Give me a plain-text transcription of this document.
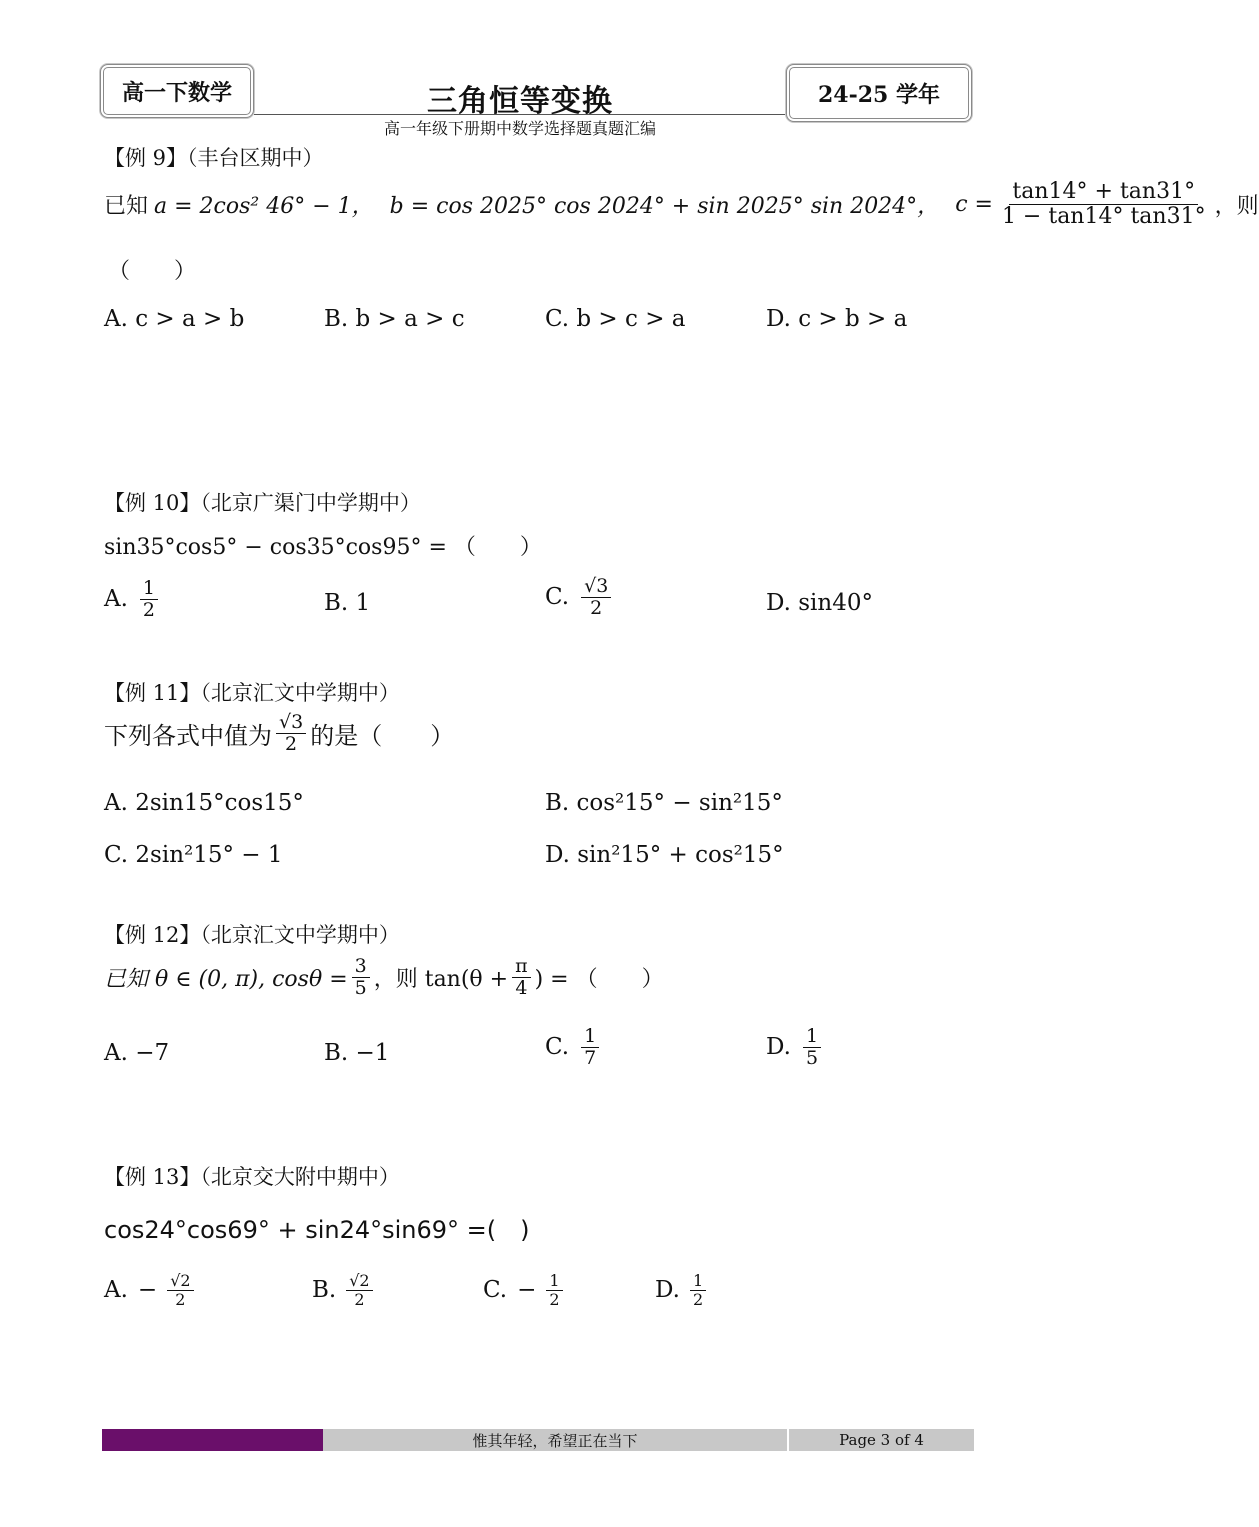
高一下数学	三角恒等变换	24-25 学年
高一年级下册期中数学选择题真题汇编
【例 9】（丰台区期中）
已知 a = 2cos² 46° − 1， b = cos 2025° cos 2024° + sin 2025° sin 2024°， $c = \frac{\tan 14^\circ + \tan 31^\circ}{1 - \tan 14^\circ \tan 31^\circ}$ ，则
（　　）
A. c > a > b	B. b > a > c	C. b > c > a	D. c > b > a
【例 10】（北京广渠门中学期中）
sin35°cos5° − cos35°cos95° = （　　）
A. $\frac{1}{2}$	B. 1	C. $\frac{√3}{2}$	D. sin40°
【例 11】（北京汇文中学期中）
下列各式中值为 $\frac{√3}{2}$ 的是（　　）
A. 2sin15°cos15°	B. cos²15° − sin²15°
C. 2sin²15° − 1	D. sin²15° + cos²15°
【例 12】（北京汇文中学期中）
已知 θ ∈ (0, π), $\cos\theta = \frac{3}{5}$ ，则 $\tan(\theta + \frac{\pi}{4}$ ) = （　　）
A. −7	B. −1	C. $\frac{1}{7}$	D. $\frac{1}{5}$
【例 13】（北京交大附中期中）
cos24°cos69° + sin24°sin69° =(　)
A. − $\frac{√2}{2}$	B. $\frac{√2}{2}$	C. − $\frac{1}{2}$	D. $\frac{1}{2}$
惟其年轻，希望正在当下	Page 3 of 4
